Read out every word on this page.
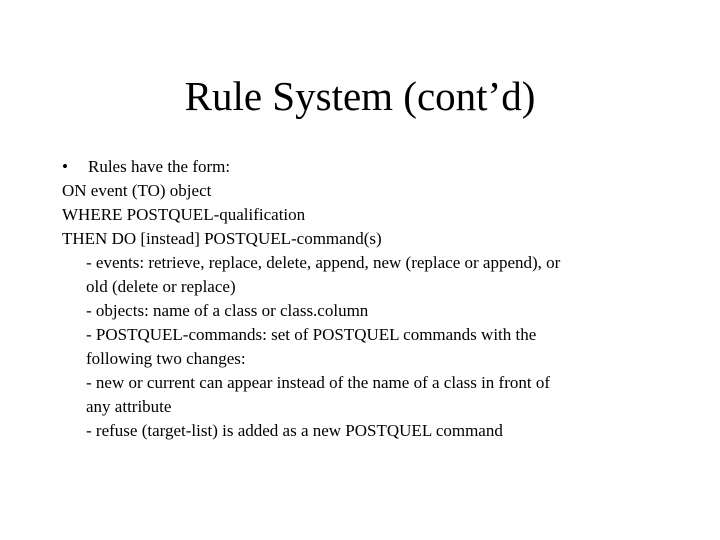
Rule System (cont’d)
• Rules have the form:
ON event (TO) object
WHERE POSTQUEL-qualification
THEN DO [instead] POSTQUEL-command(s)
- events: retrieve, replace, delete, append, new (replace or append), or
old (delete or replace)
- objects: name of a class or class.column
- POSTQUEL-commands: set of POSTQUEL commands with the
following two changes:
- new or current can appear instead of the name of a class in front of
any attribute
- refuse (target-list) is added as a new POSTQUEL command
